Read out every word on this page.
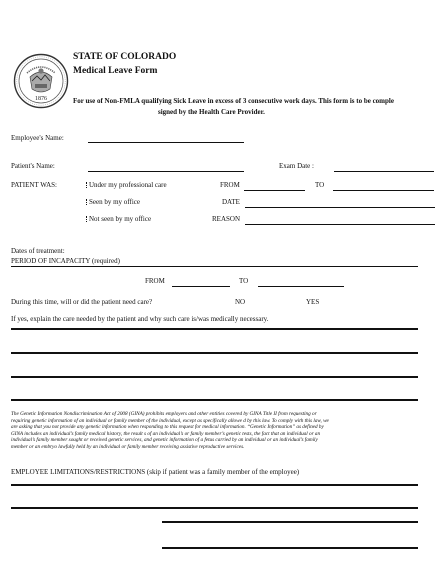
1876
STATE OF COLORADO
Medical Leave Form
For use of Non-FMLA qualifying Sick Leave in excess of 3 consecutive work days. This form is to be comple
signed by the Health Care Provider.
Employee's Name:
Patient's Name:	Exam Date :
PATIENT WAS:	Under my professional care	FROM	TO
Seen by my office	DATE
Not seen by my office	REASON
Dates of treatment:
PERIOD OF INCAPACITY (required)
FROM	TO
During this time, will or did the patient need care?	NO	YES
If yes, explain the care needed by the patient and why such care is/was medically necessary.
The Genetic Information Nondiscrimination Act of 2008 (GINA) prohibits employers and other entities covered by GINA Title II from requesting or
requiring genetic information of an individual or family member of the individual, except as specifically allowe d by this law. To comply with this law, we
are asking that you not provide any genetic information when responding to this request for medical information. “Genetic Information” as defined by
GINA includes an individual’s family medical history, the result s of an individual’s or family member’s genetic tests, the fact that an individual or an
individual’s family member sought or received genetic services, and genetic information of a fetus carried by an individual or an individual’s family
member or an embryo lawfully held by an individual or family member receiving assistive reproductive services.
EMPLOYEE LIMITATIONS/RESTRICTIONS (skip if patient was a family member of the employee)
